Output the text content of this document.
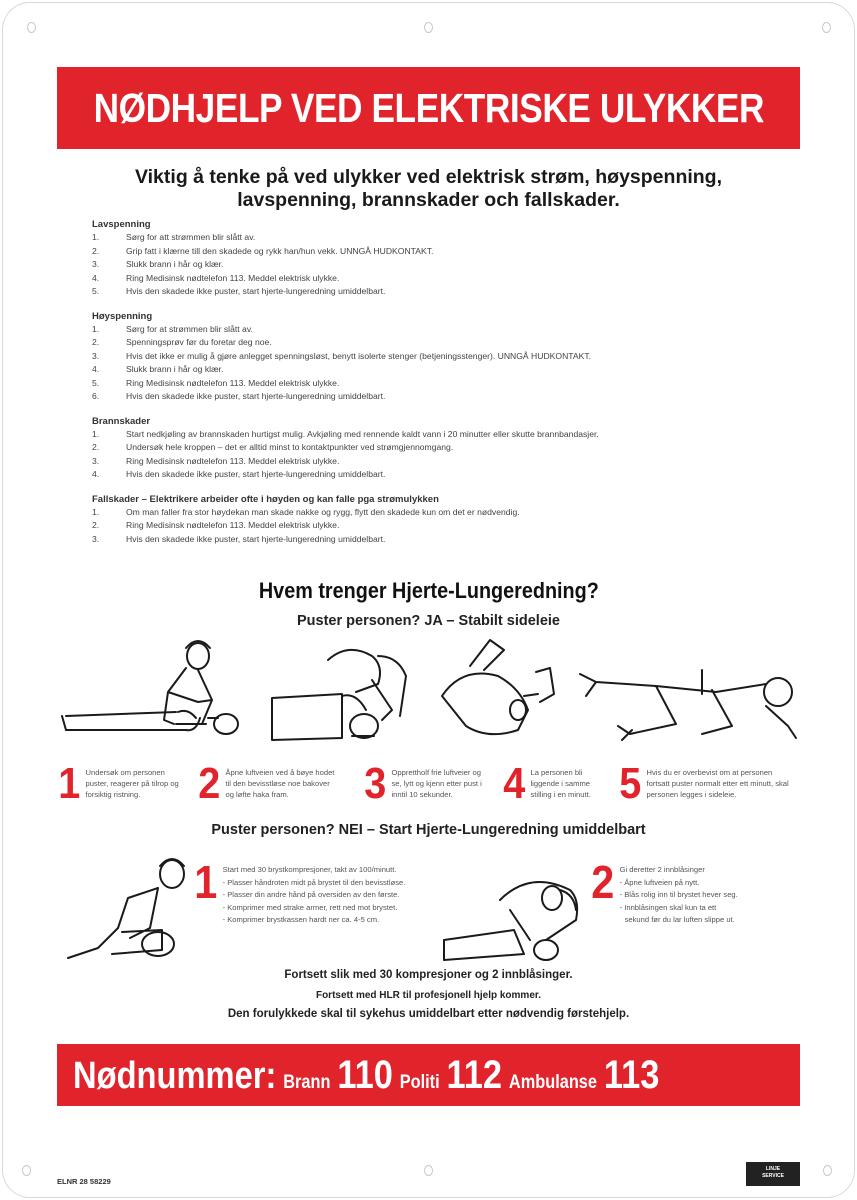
NØDHJELP VED ELEKTRISKE ULYKKER
Viktig å tenke på ved ulykker ved elektrisk strøm, høyspenning,
lavspenning, brannskader och fallskader.
Lavspenning
1.	Sørg for att strømmen blir slått av.
2.	Grip fatt i klærne till den skadede og rykk han/hun vekk. UNNGÅ HUDKONTAKT.
3.	Slukk brann i hår og klær.
4.	Ring Medisinsk nødtelefon 113. Meddel elektrisk ulykke.
5.	Hvis den skadede ikke puster, start hjerte-lungeredning umiddelbart.
Høyspenning
1.	Sørg for at strømmen blir slått av.
2.	Spenningsprøv før du foretar deg noe.
3.	Hvis det ikke er mulig å gjøre anlegget spenningsløst, benytt isolerte stenger (betjeningsstenger). UNNGÅ HUDKONTAKT.
4.	Slukk brann i hår og klær.
5.	Ring Medisinsk nødtelefon 113. Meddel elektrisk ulykke.
6.	Hvis den skadede ikke puster, start hjerte-lungeredning umiddelbart.
Brannskader
1.	Start nedkjøling av brannskaden hurtigst mulig. Avkjøling med rennende kaldt vann i 20 minutter eller skutte brannbandasjer.
2.	Undersøk hele kroppen – det er alltid minst to kontaktpunkter ved strømgjennomgang.
3.	Ring Medisinsk nødtelefon 113. Meddel elektrisk ulykke.
4.	Hvis den skadede ikke puster, start hjerte-lungeredning umiddelbart.
Fallskader – Elektrikere arbeider ofte i høyden og kan falle pga strømulykken
1.	Om man faller fra stor høydekan man skade nakke og rygg, flytt den skadede kun om det er nødvendig.
2.	Ring Medisinsk nødtelefon 113. Meddel elektrisk ulykke.
3.	Hvis den skadede ikke puster, start hjerte-lungeredning umiddelbart.
Hvem trenger Hjerte-Lungeredning?
Puster personen? JA – Stabilt sideleie
1 Undersøk om personen puster, reagerer på tilrop og forsiktig ristning.	2 Åpne luftveien ved å bøye hodet til den bevisstløse noe bakover og løfte haka fram.	3 Opprettholf frie luftveier og se, lytt og kjenn etter pust i inntil 10 sekunder.	4 La personen bli liggende i samme stilling i en minutt. 5 Hvis du er overbevist om at personen fortsatt puster normalt etter ett minutt, skal personen legges i sideleie.
Puster personen? NEI – Start Hjerte-Lungeredning umiddelbart
1 Start med 30 brystkompresjoner, takt av 100/minutt.
- Plasser håndroten midt på brystet til den bevisstløse.
- Plasser din andre hånd på oversiden av den første.
- Komprimer med strake armer, rett ned mot brystet.
- Komprimer brystkassen hardt ner ca. 4-5 cm.
2 Gi deretter 2 innblåsinger
- Åpne luftveien på nytt.
- Blås rolig inn til brystet hever seg.
- Innblåsingen skal kun ta ett
sekund før du lar luften slippe ut.
Fortsett slik med 30 kompresjoner og 2 innblåsinger.
Fortsett med HLR til profesjonell hjelp kommer.
Den forulykkede skal til sykehus umiddelbart etter nødvendig førstehjelp.
Nødnummer: Brann 110 Politi 112 Ambulanse 113
ELNR 28 58229
LINJE
SERVICE
